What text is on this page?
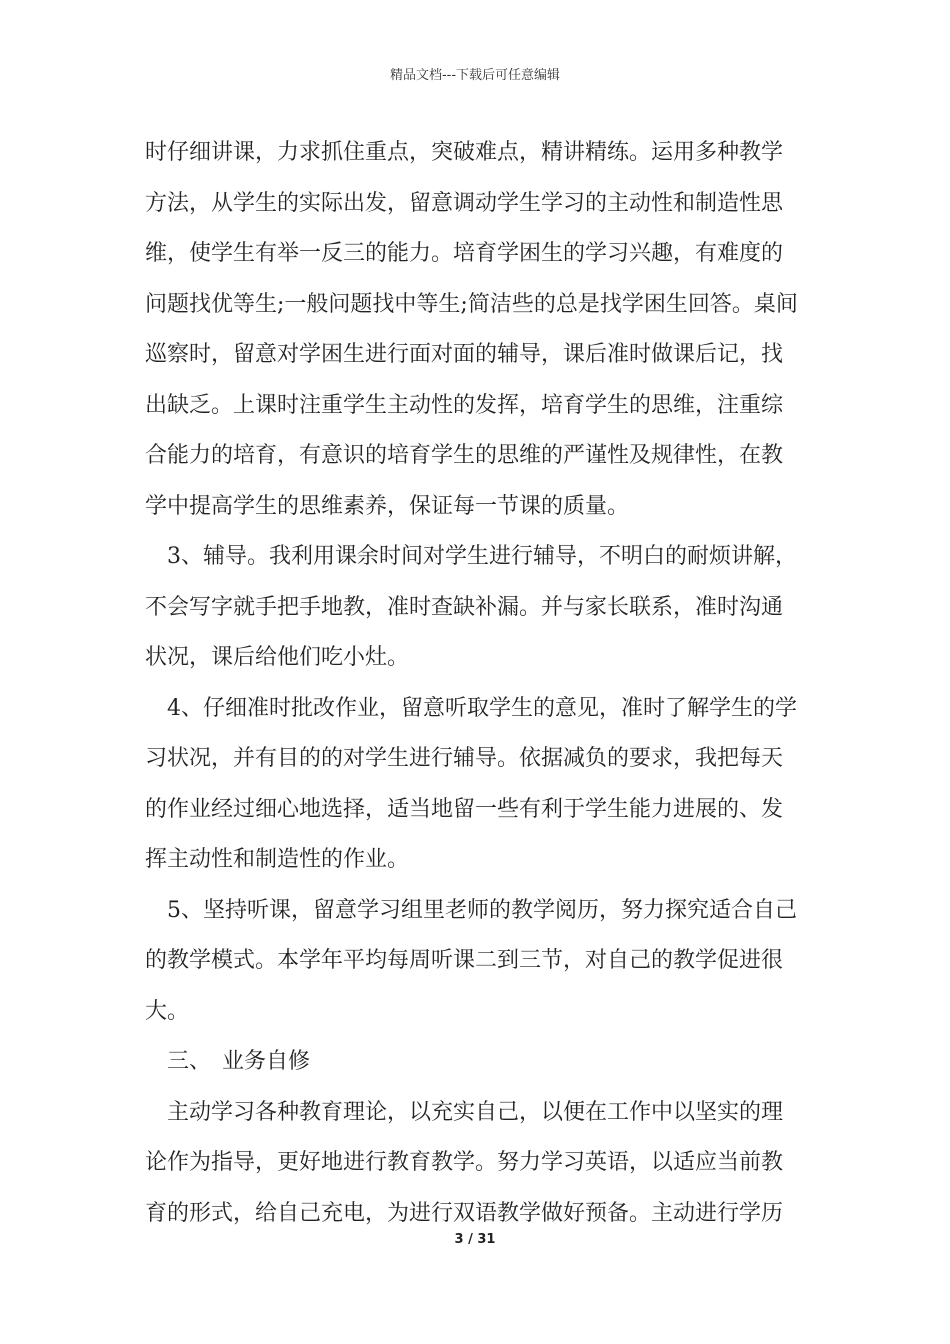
精品文档---下载后可任意编辑
时仔细讲课，力求抓住重点，突破难点，精讲精练。运用多种教学
方法，从学生的实际出发，留意调动学生学习的主动性和制造性思
维，使学生有举一反三的能力。培育学困生的学习兴趣，有难度的
问题找优等生;一般问题找中等生;简洁些的总是找学困生回答。桌间
巡察时，留意对学困生进行面对面的辅导，课后准时做课后记，找
出缺乏。上课时注重学生主动性的发挥，培育学生的思维，注重综
合能力的培育，有意识的培育学生的思维的严谨性及规律性，在教
学中提高学生的思维素养，保证每一节课的质量。
3、辅导。我利用课余时间对学生进行辅导，不明白的耐烦讲解，
不会写字就手把手地教，准时查缺补漏。并与家长联系，准时沟通
状况，课后给他们吃小灶。
4、仔细准时批改作业，留意听取学生的意见，准时了解学生的学
习状况，并有目的的对学生进行辅导。依据减负的要求，我把每天
的作业经过细心地选择，适当地留一些有利于学生能力进展的、发
挥主动性和制造性的作业。
5、坚持听课，留意学习组里老师的教学阅历，努力探究适合自己
的教学模式。本学年平均每周听课二到三节，对自己的教学促进很
大。
三、　业务自修
主动学习各种教育理论，以充实自己，以便在工作中以坚实的理
论作为指导，更好地进行教育教学。努力学习英语，以适应当前教
育的形式，给自己充电，为进行双语教学做好预备。主动进行学历
3 / 31
